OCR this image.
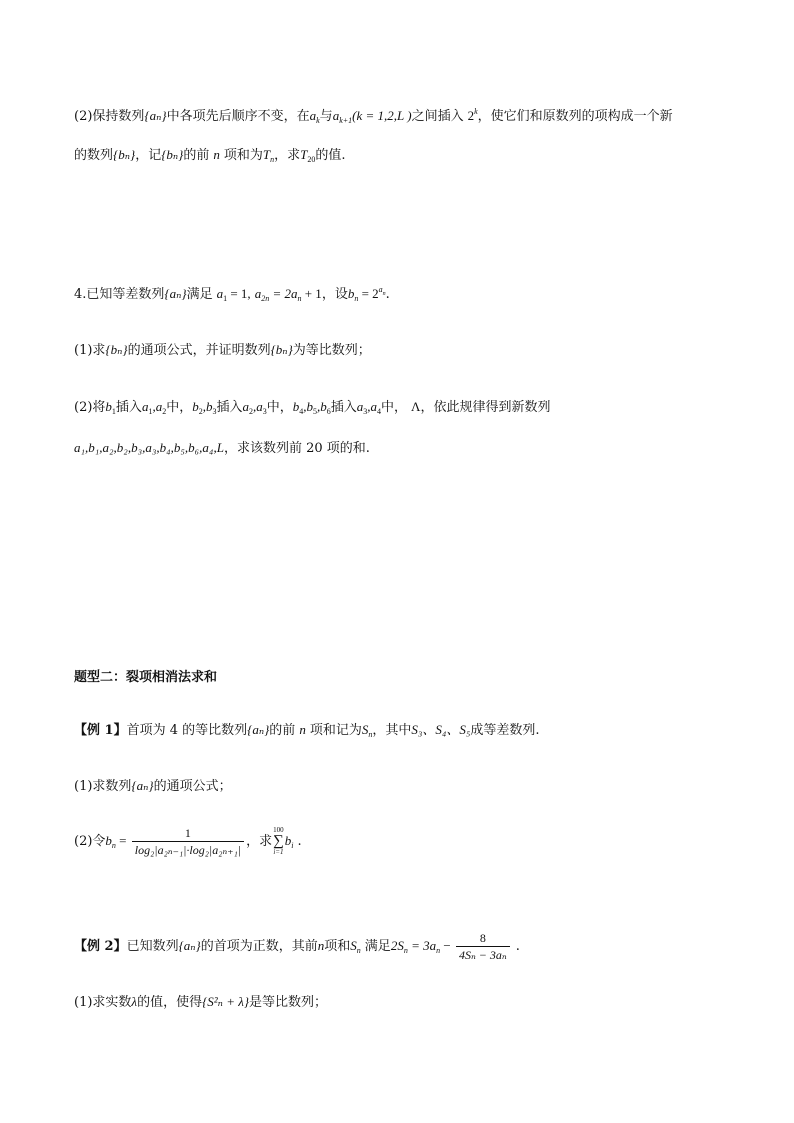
(2)保持数列{aₙ}中各项先后顺序不变，在$a_k$与$a_{k+1}(k = 1,2,L$ )之间插入 2$^k$，使它们和原数列的项构成一个新
的数列{bₙ}，记{bₙ}的前 n 项和为$T_n$，求$T_{20}$的值.
4.已知等差数列{aₙ}满足 $a_1 = 1$, $a_{2n} = 2a_n + 1$，设$b_n = 2^{a_n}$.
(1)求{bₙ}的通项公式，并证明数列{bₙ}为等比数列；
(2)将$b_1$插入$a_1,a_2$中，$b_2,b_3$插入$a_2,a_3$中，$b_4,b_5,b_6$插入$a_3,a_4$中， Λ，依此规律得到新数列
a₁,b₁,a₂,b₂,b₃,a₃,b₄,b₅,b₆,a₄,L，求该数列前 20 项的和.
题型二：裂项相消法求和
【例 1】首项为 4 的等比数列{aₙ}的前 n 项和记为$S_n$，其中S₃、S₄、S₅成等差数列.
(1)求数列{aₙ}的通项公式；
(2)令$b_n = \frac{1}{\text{log₂|a₂ₙ₋₁|·log₂|a₂ₙ₊₁|}}$ ，求
100
∑
i=1
$b_i$ .
【例 2】已知数列{aₙ}的首项为正数，其前n项和$S_n$ 满足$2S_n = 3a_n - \frac{8}{\text{4Sₙ − 3aₙ}}$ .
(1)求实数λ的值，使得{S²ₙ + λ}是等比数列；
